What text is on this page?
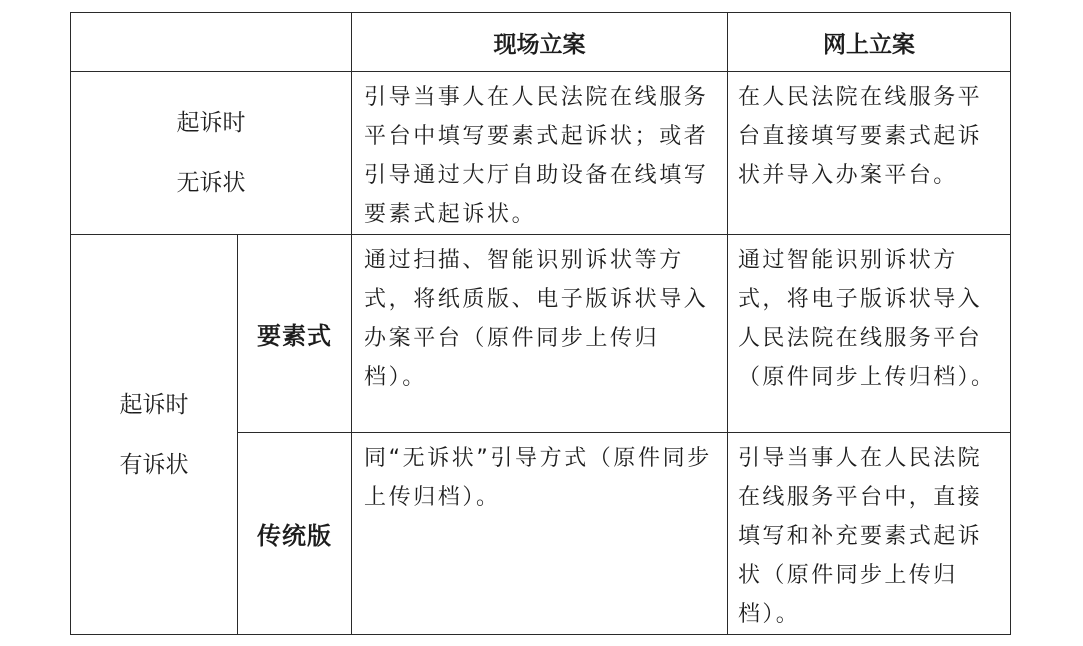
		现场立案	网上立案

起诉时
无诉状		引导当事人在人民法院在线服务平台中填写要素式起诉状；或者引导通过大厅自助设备在线填写要素式起诉状。	在人民法院在线服务平台直接填写要素式起诉状并导入办案平台。

起诉时
有诉状	要素式	通过扫描、智能识别诉状等方式，将纸质版、电子版诉状导入办案平台（原件同步上传归档）。	通过智能识别诉状方式，将电子版诉状导入人民法院在线服务平台（原件同步上传归档）。
	传统版	同“无诉状”引导方式（原件同步上传归档）。	引导当事人在人民法院在线服务平台中，直接填写和补充要素式起诉状（原件同步上传归档）。
